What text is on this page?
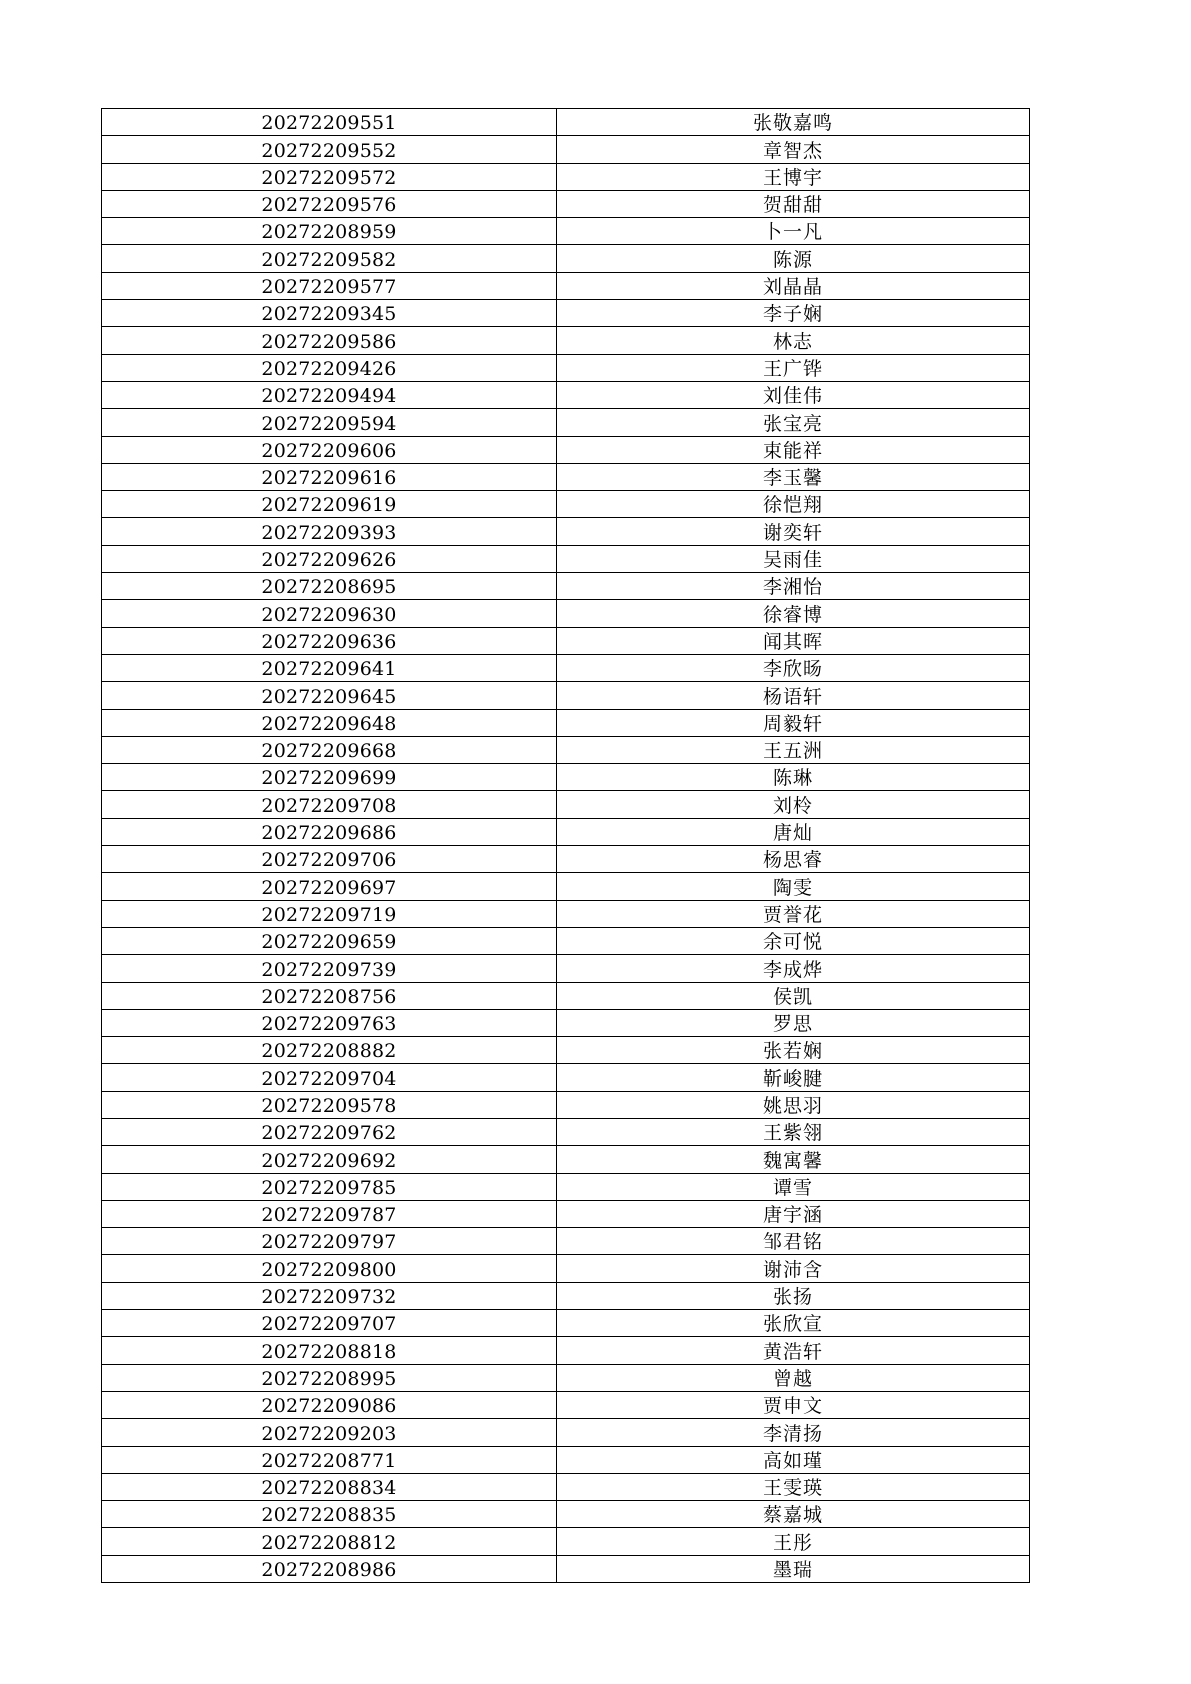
20272209551	张敬嘉鸣
20272209552	章智杰
20272209572	王博宇
20272209576	贺甜甜
20272208959	卜一凡
20272209582	陈源
20272209577	刘晶晶
20272209345	李子娴
20272209586	林志
20272209426	王广铧
20272209494	刘佳伟
20272209594	张宝亮
20272209606	束能祥
20272209616	李玉馨
20272209619	徐恺翔
20272209393	谢奕轩
20272209626	吴雨佳
20272208695	李湘怡
20272209630	徐睿博
20272209636	闻其晖
20272209641	李欣旸
20272209645	杨语轩
20272209648	周毅轩
20272209668	王五洲
20272209699	陈琳
20272209708	刘柃
20272209686	唐灿
20272209706	杨思睿
20272209697	陶雯
20272209719	贾誉花
20272209659	余可悦
20272209739	李成烨
20272208756	侯凯
20272209763	罗思
20272208882	张若娴
20272209704	靳峻腱
20272209578	姚思羽
20272209762	王紫翎
20272209692	魏寓馨
20272209785	谭雪
20272209787	唐宇涵
20272209797	邹君铭
20272209800	谢沛含
20272209732	张扬
20272209707	张欣宣
20272208818	黄浩轩
20272208995	曾越
20272209086	贾申文
20272209203	李清扬
20272208771	高如瑾
20272208834	王雯瑛
20272208835	蔡嘉城
20272208812	王彤
20272208986	墨瑞
